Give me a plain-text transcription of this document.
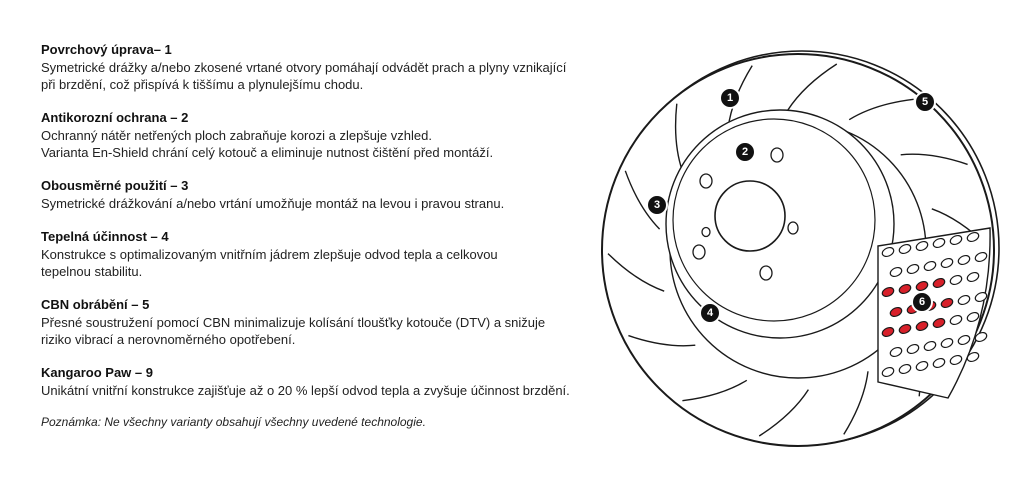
Povrchový úprava– 1
Symetrické drážky a/nebo zkosené vrtané otvory pomáhají odvádět prach a plyny vznikající
při brzdění, což přispívá k tiššímu a plynulejšímu chodu.
Antikorozní ochrana – 2
Ochranný nátěr netřených ploch zabraňuje korozi a zlepšuje vzhled.
Varianta En-Shield chrání celý kotouč a eliminuje nutnost čištění před montáží.
Obousměrné použití – 3
Symetrické drážkování a/nebo vrtání umožňuje montáž na levou i pravou stranu.
Tepelná účinnost – 4
Konstrukce s optimalizovaným vnitřním jádrem zlepšuje odvod tepla a celkovou
tepelnou stabilitu.
CBN obrábění – 5
Přesné soustružení pomocí CBN minimalizuje kolísání tloušťky kotouče (DTV) a snižuje
riziko vibrací a nerovnoměrného opotřebení.
Kangaroo Paw – 9
Unikátní vnitřní konstrukce zajišťuje až o 20 % lepší odvod tepla a zvyšuje účinnost brzdění.
Poznámka: Ne všechny varianty obsahují všechny uvedené technologie.
1
2
3
4
5
6
